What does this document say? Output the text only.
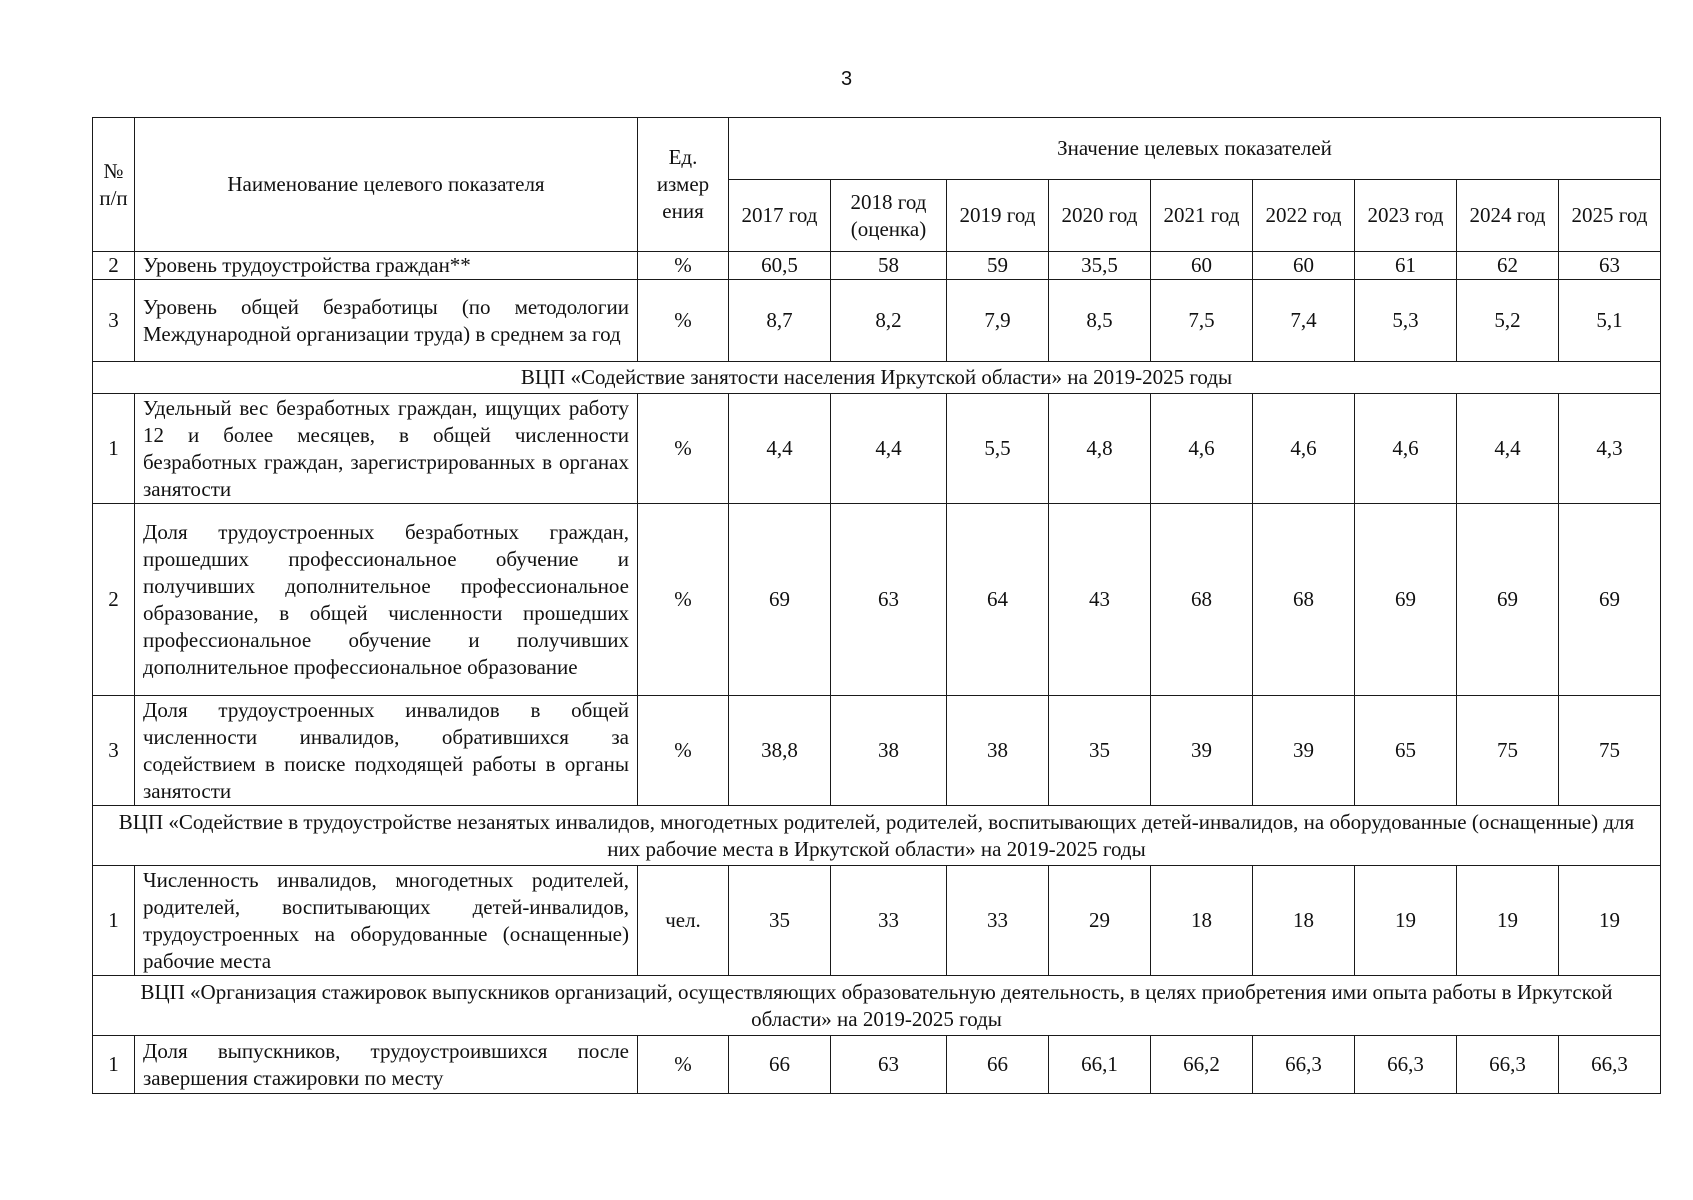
3
№ п/п	Наименование целевого показателя	Ед. измер ения	Значение целевых показателей								
			2017 год	2018 год (оценка)	2019 год	2020 год	2021 год	2022 год	2023 год	2024 год	2025 год
2	Уровень трудоустройства граждан**	%	60,5	58	59	35,5	60	60	61	62	63
3	Уровень общей безработицы (по методологии Международной организации труда) в среднем за год	%	8,7	8,2	7,9	8,5	7,5	7,4	5,3	5,2	5,1
ВЦП «Содействие занятости населения Иркутской области» на 2019-2025 годы											
1	Удельный вес безработных граждан, ищущих работу 12 и более месяцев, в общей численности безработных граждан, зарегистрированных в органах занятости	%	4,4	4,4	5,5	4,8	4,6	4,6	4,6	4,4	4,3
2	Доля трудоустроенных безработных граждан, прошедших профессиональное обучение и получивших дополнительное профессиональное образование, в общей численности прошедших профессиональное обучение и получивших дополнительное профессиональное образование	%	69	63	64	43	68	68	69	69	69
3	Доля трудоустроенных инвалидов в общей численности инвалидов, обратившихся за содействием в поиске подходящей работы в органы занятости	%	38,8	38	38	35	39	39	65	75	75
ВЦП «Содействие в трудоустройстве незанятых инвалидов, многодетных родителей, родителей, воспитывающих детей-инвалидов, на оборудованные (оснащенные) для них рабочие места в Иркутской области» на 2019-2025 годы											
1	Численность инвалидов, многодетных родителей, родителей, воспитывающих детей-инвалидов, трудоустроенных на оборудованные (оснащенные) рабочие места	чел.	35	33	33	29	18	18	19	19	19
ВЦП «Организация стажировок выпускников организаций, осуществляющих образовательную деятельность, в целях приобретения ими опыта работы в Иркутской области» на 2019-2025 годы											
1	Доля выпускников, трудоустроившихся после завершения стажировки по месту	%	66	63	66	66,1	66,2	66,3	66,3	66,3	66,3
